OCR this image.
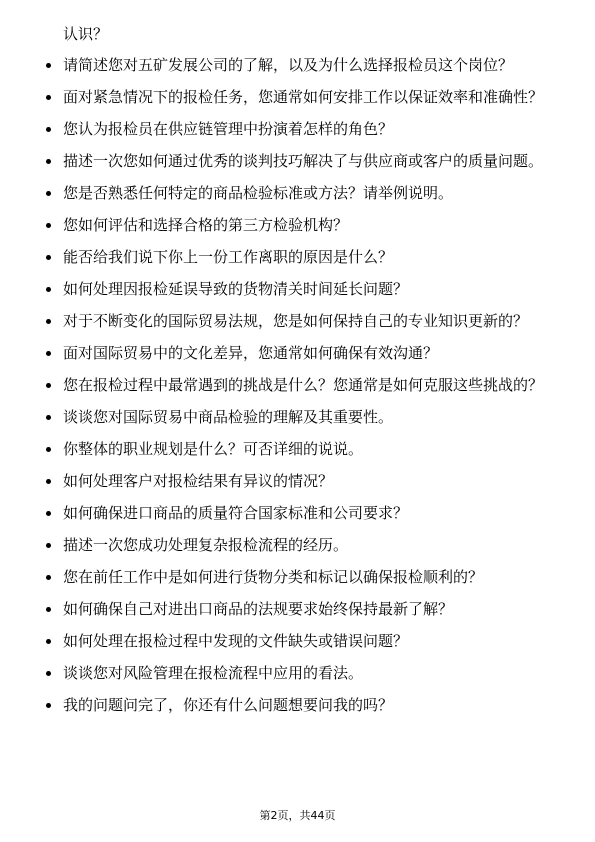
认识？
请简述您对五矿发展公司的了解，以及为什么选择报检员这个岗位？
面对紧急情况下的报检任务，您通常如何安排工作以保证效率和准确性？
您认为报检员在供应链管理中扮演着怎样的角色？
描述一次您如何通过优秀的谈判技巧解决了与供应商或客户的质量问题。
您是否熟悉任何特定的商品检验标准或方法？请举例说明。
您如何评估和选择合格的第三方检验机构？
能否给我们说下你上一份工作离职的原因是什么？
如何处理因报检延误导致的货物清关时间延长问题？
对于不断变化的国际贸易法规，您是如何保持自己的专业知识更新的？
面对国际贸易中的文化差异，您通常如何确保有效沟通？
您在报检过程中最常遇到的挑战是什么？您通常是如何克服这些挑战的？
谈谈您对国际贸易中商品检验的理解及其重要性。
你整体的职业规划是什么？可否详细的说说。
如何处理客户对报检结果有异议的情况？
如何确保进口商品的质量符合国家标准和公司要求？
描述一次您成功处理复杂报检流程的经历。
您在前任工作中是如何进行货物分类和标记以确保报检顺利的？
如何确保自己对进出口商品的法规要求始终保持最新了解？
如何处理在报检过程中发现的文件缺失或错误问题？
谈谈您对风险管理在报检流程中应用的看法。
我的问题问完了，你还有什么问题想要问我的吗？
第2页，共44页
